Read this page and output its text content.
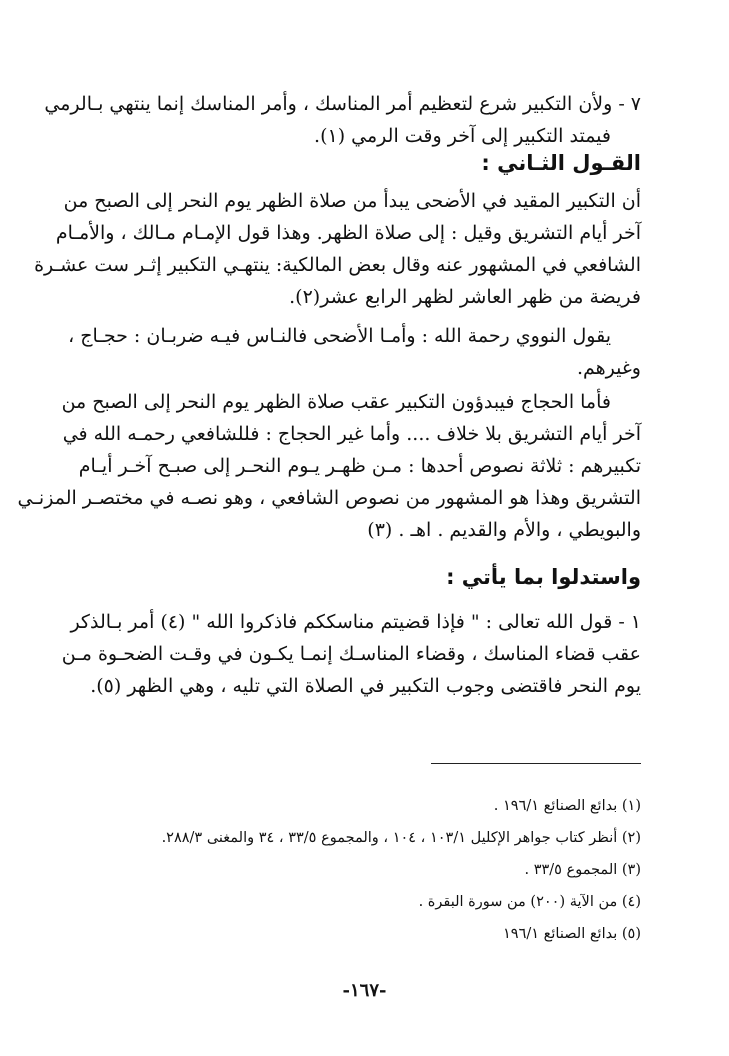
٧ - ولأن التكبير شرع لتعظيم أمر المناسك ، وأمر المناسك إنما ينتهي بـالرمي
فيمتد التكبير إلى آخر وقت الرمي (١).
القـول الثـاني :
أن التكبير المقيد في الأضحى يبدأ من صلاة الظهر يوم النحر إلى الصبح من
آخر أيام التشريق وقيل : إلى صلاة الظهر. وهذا قول الإمـام مـالك ، والأمـام
الشافعي في المشهور عنه وقال بعض المالكية: ينتهـي التكبير إثـر ست عشـرة
فريضة من ظهر العاشر لظهر الرابع عشر(٢).
يقول النووي رحمة الله : وأمـا الأضحى فالنـاس فيـه ضربـان : حجـاج ،
وغيرهم.
فأما الحجاج فيبدؤون التكبير عقب صلاة الظهر يوم النحر إلى الصبح من
آخر أيام التشريق بلا خلاف .... وأما غير الحجاج : فللشافعي رحمـه الله في
تكبيرهم : ثلاثة نصوص أحدها : مـن ظهـر يـوم النحـر إلى صبـح آخـر أيـام
التشريق وهذا هو المشهور من نصوص الشافعي ، وهو نصـه في مختصـر المزنـي
والبويطي ، والأم والقديم . اهـ . (٣)
واستدلوا بما يأتي :
١ - قول الله تعالى : " فإذا قضيتم مناسككم فاذكروا الله " (٤) أمر بـالذكر
عقب قضاء المناسك ، وقضاء المناسـك إنمـا يكـون في وقـت الضحـوة مـن
يوم النحر فاقتضى وجوب التكبير في الصلاة التي تليه ، وهي الظهر (٥).
(١) بدائع الصنائع ١٩٦/١ .
(٢) أنظر كتاب جواهر الإكليل ١٠٣/١ ، ١٠٤ ، والمجموع ٣٣/٥ ، ٣٤ والمغنى ٢٨٨/٣.
(٣) المجموع ٣٣/٥ .
(٤) من الآية (٢٠٠) من سورة البقرة .
(٥) بدائع الصنائع ١٩٦/١
-١٦٧-
